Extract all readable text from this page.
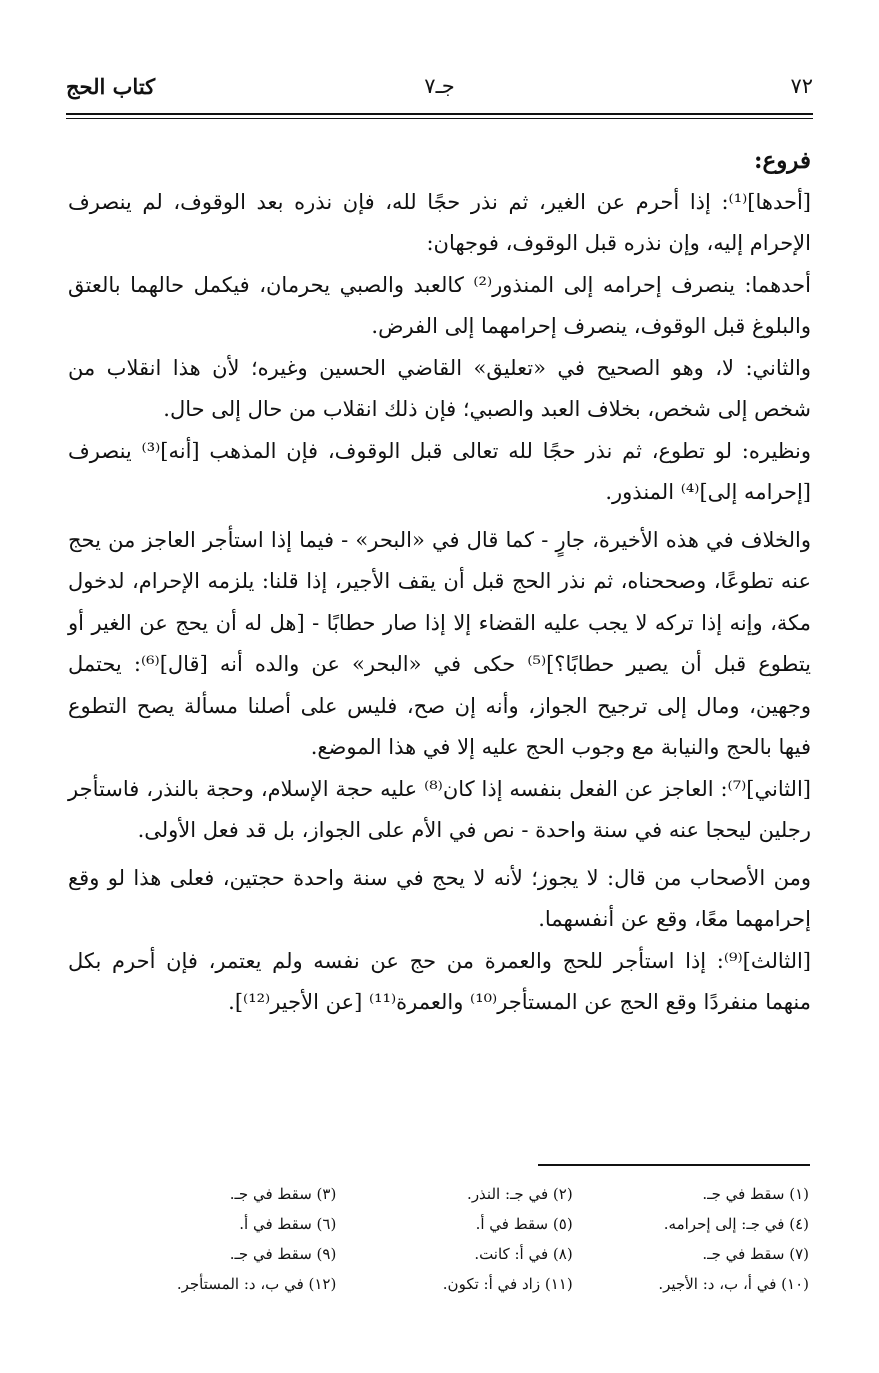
٧٢
جـ٧
كتاب الحج

فروع:

[أحدها]⁽¹⁾: إذا أحرم عن الغير، ثم نذر حجًا لله، فإن نذره بعد الوقوف، لم ينصرف الإحرام إليه، وإن نذره قبل الوقوف، فوجهان:

أحدهما: ينصرف إحرامه إلى المنذور⁽²⁾ كالعبد والصبي يحرمان، فيكمل حالهما بالعتق والبلوغ قبل الوقوف، ينصرف إحرامهما إلى الفرض.

والثاني: لا، وهو الصحيح في «تعليق» القاضي الحسين وغيره؛ لأن هذا انقلاب من شخص إلى شخص، بخلاف العبد والصبي؛ فإن ذلك انقلاب من حال إلى حال.

ونظيره: لو تطوع، ثم نذر حجًا لله تعالى قبل الوقوف، فإن المذهب [أنه]⁽³⁾ ينصرف [إحرامه إلى]⁽⁴⁾ المنذور.

والخلاف في هذه الأخيرة، جارٍ - كما قال في «البحر» - فيما إذا استأجر العاجز من يحج عنه تطوعًا، وصححناه، ثم نذر الحج قبل أن يقف الأجير، إذا قلنا: يلزمه الإحرام، لدخول مكة، وإنه إذا تركه لا يجب عليه القضاء إلا إذا صار حطابًا - [هل له أن يحج عن الغير أو يتطوع قبل أن يصير حطابًا؟]⁽⁵⁾ حكى في «البحر» عن والده أنه [قال]⁽⁶⁾: يحتمل وجهين، ومال إلى ترجيح الجواز، وأنه إن صح، فليس على أصلنا مسألة يصح التطوع فيها بالحج والنيابة مع وجوب الحج عليه إلا في هذا الموضع.

[الثاني]⁽⁷⁾: العاجز عن الفعل بنفسه إذا كان⁽⁸⁾ عليه حجة الإسلام، وحجة بالنذر، فاستأجر رجلين ليحجا عنه في سنة واحدة - نص في الأم على الجواز، بل قد فعل الأولى.

ومن الأصحاب من قال: لا يجوز؛ لأنه لا يحج في سنة واحدة حجتين، فعلى هذا لو وقع إحرامهما معًا، وقع عن أنفسهما.

[الثالث]⁽⁹⁾: إذا استأجر للحج والعمرة من حج عن نفسه ولم يعتمر، فإن أحرم بكل منهما منفردًا وقع الحج عن المستأجر⁽¹⁰⁾ والعمرة⁽¹¹⁾ [عن الأجير⁽¹²⁾].

(١) سقط في جـ.
(٢) في جـ: النذر.
(٣) سقط في جـ.
(٤) في جـ: إلى إحرامه.
(٥) سقط في أ.
(٦) سقط في أ.
(٧) سقط في جـ.
(٨) في أ: كانت.
(٩) سقط في جـ.
(١٠) في أ، ب، د: الأجير.
(١١) زاد في أ: تكون.
(١٢) في ب، د: المستأجر.
